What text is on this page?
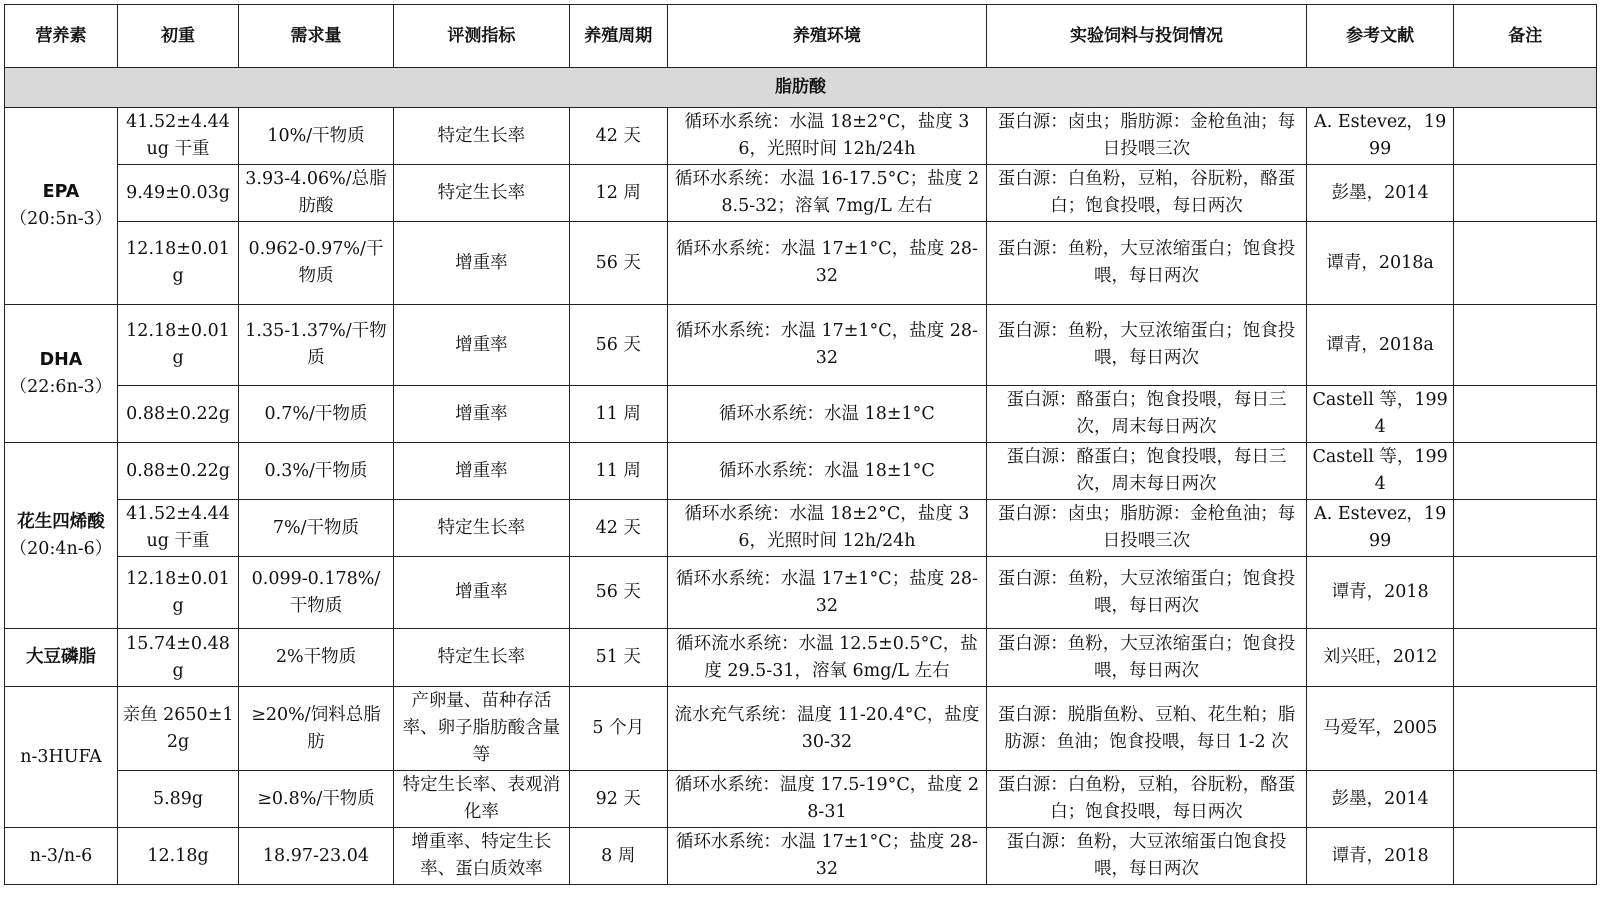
营养素	初重	需求量	评测指标	养殖周期	养殖环境	实验饲料与投饲情况	参考文献	备注
脂肪酸								

EPA
（20:5n-3）	41.52±4.44ug 干重	10%/干物质	特定生长率	42 天	循环水系统：水温 18±2°C，盐度 36，光照时间 12h/24h	蛋白源：卤虫；脂肪源：金枪鱼油；每日投喂三次	A. Estevez，1999	
	9.49±0.03g	3.93-4.06%/总脂肪酸	特定生长率	12 周	循环水系统：水温 16-17.5°C；盐度 28.5-32；溶氧 7mg/L 左右	蛋白源：白鱼粉，豆粕，谷朊粉，酪蛋白；饱食投喂，每日两次	彭墨，2014	
	12.18±0.01g	0.962-0.97%/干物质	增重率	56 天	循环水系统：水温 17±1°C，盐度 28-32	蛋白源：鱼粉，大豆浓缩蛋白；饱食投喂，每日两次	谭青，2018a	

DHA
（22:6n-3）	12.18±0.01g	1.35-1.37%/干物质	增重率	56 天	循环水系统：水温 17±1°C，盐度 28-32	蛋白源：鱼粉，大豆浓缩蛋白；饱食投喂，每日两次	谭青，2018a	
	0.88±0.22g	0.7%/干物质	增重率	11 周	循环水系统：水温 18±1°C	蛋白源：酪蛋白；饱食投喂，每日三次，周末每日两次	Castell 等，1994	

花生四烯酸
（20:4n-6）	0.88±0.22g	0.3%/干物质	增重率	11 周	循环水系统：水温 18±1°C	蛋白源：酪蛋白；饱食投喂，每日三次，周末每日两次	Castell 等，1994	
	41.52±4.44ug 干重	7%/干物质	特定生长率	42 天	循环水系统：水温 18±2°C，盐度 36，光照时间 12h/24h	蛋白源：卤虫；脂肪源：金枪鱼油；每日投喂三次	A. Estevez，1999	
	12.18±0.01g	0.099-0.178%/干物质	增重率	56 天	循环水系统：水温 17±1°C；盐度 28-32	蛋白源：鱼粉，大豆浓缩蛋白；饱食投喂，每日两次	谭青，2018	

大豆磷脂	15.74±0.48g	2%干物质	特定生长率	51 天	循环流水系统：水温 12.5±0.5°C，盐度 29.5-31，溶氧 6mg/L 左右	蛋白源：鱼粉，大豆浓缩蛋白；饱食投喂，每日两次	刘兴旺，2012	

n-3HUFA	亲鱼 2650±12g	≥20%/饲料总脂肪	产卵量、苗种存活率、卵子脂肪酸含量等	5 个月	流水充气系统：温度 11-20.4°C，盐度 30-32	蛋白源：脱脂鱼粉、豆粕、花生粕；脂肪源：鱼油；饱食投喂，每日 1-2 次	马爱军，2005	
	5.89g	≥0.8%/干物质	特定生长率、表观消化率	92 天	循环水系统：温度 17.5-19°C，盐度 28-31	蛋白源：白鱼粉，豆粕，谷朊粉，酪蛋白；饱食投喂，每日两次	彭墨，2014	

n-3/n-6	12.18g	18.97-23.04	增重率、特定生长率、蛋白质效率	8 周	循环水系统：水温 17±1°C；盐度 28-32	蛋白源：鱼粉，大豆浓缩蛋白饱食投喂，每日两次	谭青，2018	
